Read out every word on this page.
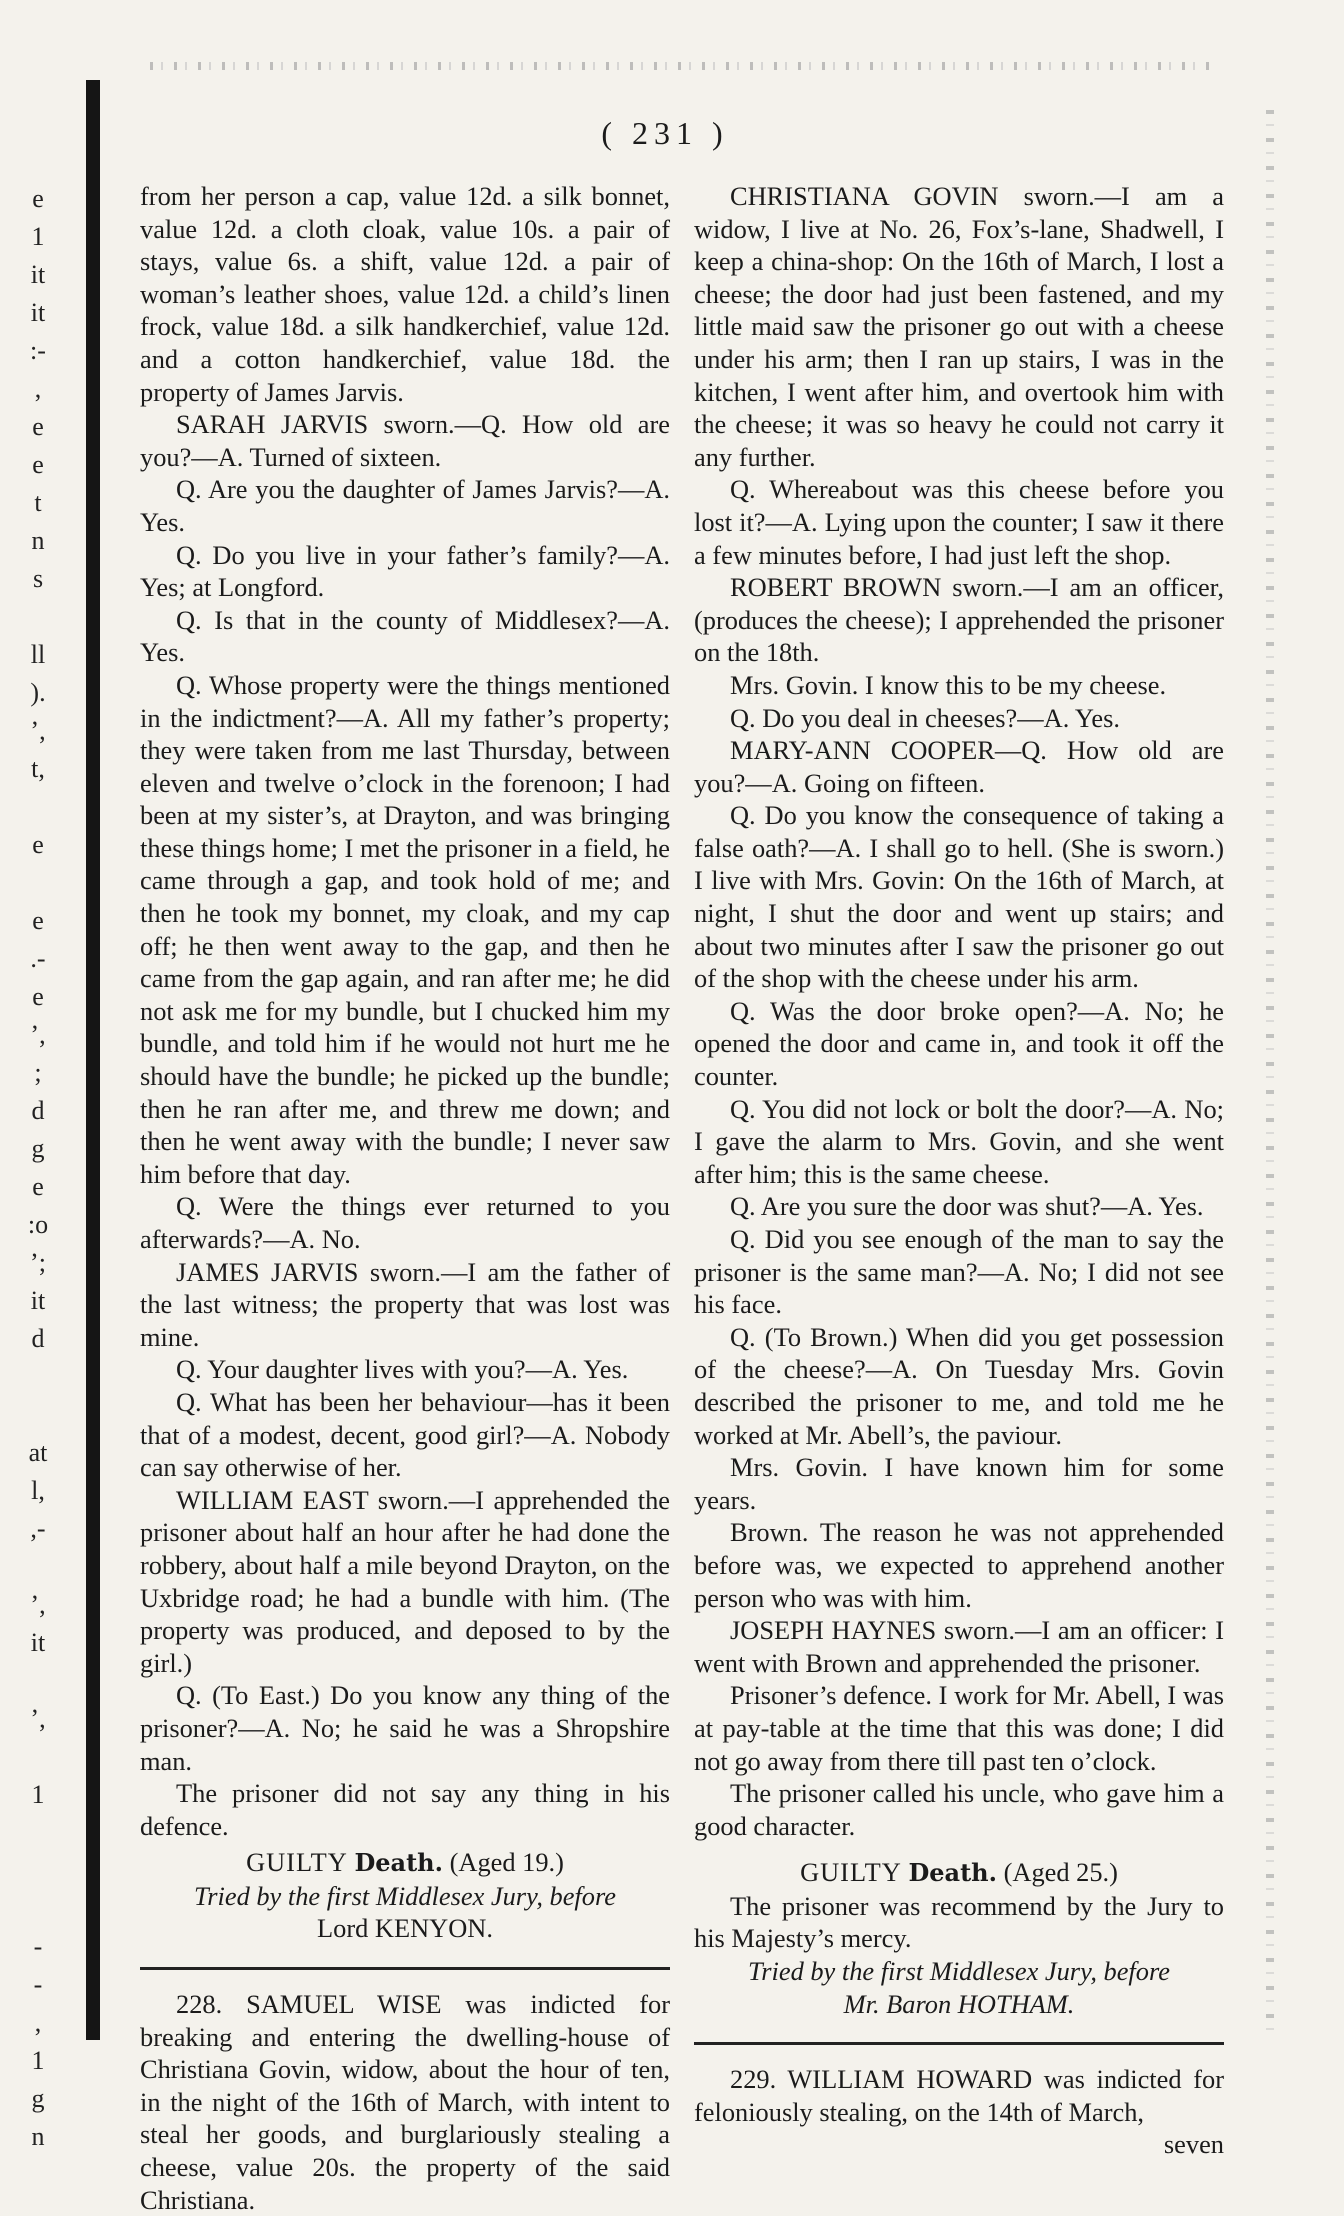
e
1
it
it
:-
,
e
e
t
n
s
ll
).
’,
t,
e
e
.-
e
’,
;
d
g
e
:o
’;
it
d
at
l,
,-
’,
it
’,
1
-
-
,
1
g
n
( 231 )

from her person a cap, value 12d. a silk bonnet, value 12d. a cloth cloak, value 10s. a pair of stays, value 6s. a shift, value 12d. a pair of woman’s leather shoes, value 12d. a child’s linen frock, value 18d. a silk handkerchief, value 12d. and a cotton handkerchief, value 18d. the property of James Jarvis.

SARAH JARVIS sworn.—Q. How old are you?—A. Turned of sixteen.

Q. Are you the daughter of James Jarvis?—A. Yes.

Q. Do you live in your father’s family?—A. Yes; at Longford.

Q. Is that in the county of Middlesex?—A. Yes.

Q. Whose property were the things mentioned in the indictment?—A. All my father’s property; they were taken from me last Thursday, between eleven and twelve o’clock in the forenoon; I had been at my sister’s, at Drayton, and was bringing these things home; I met the prisoner in a field, he came through a gap, and took hold of me; and then he took my bonnet, my cloak, and my cap off; he then went away to the gap, and then he came from the gap again, and ran after me; he did not ask me for my bundle, but I chucked him my bundle, and told him if he would not hurt me he should have the bundle; he picked up the bundle; then he ran after me, and threw me down; and then he went away with the bundle; I never saw him before that day.

Q. Were the things ever returned to you afterwards?—A. No.

JAMES JARVIS sworn.—I am the father of the last witness; the property that was lost was mine.

Q. Your daughter lives with you?—A. Yes.

Q. What has been her behaviour—has it been that of a modest, decent, good girl?—A. Nobody can say otherwise of her.

WILLIAM EAST sworn.—I apprehended the prisoner about half an hour after he had done the robbery, about half a mile beyond Drayton, on the Uxbridge road; he had a bundle with him. (The property was produced, and deposed to by the girl.)

Q. (To East.) Do you know any thing of the prisoner?—A. No; he said he was a Shropshire man.

The prisoner did not say any thing in his defence.

GUILTY Death. (Aged 19.)

Tried by the first Middlesex Jury, before

Lord KENYON.

228. SAMUEL WISE was indicted for breaking and entering the dwelling-house of Christiana Govin, widow, about the hour of ten, in the night of the 16th of March, with intent to steal her goods, and burglariously stealing a cheese, value 20s. the property of the said Christiana.

CHRISTIANA GOVIN sworn.—I am a widow, I live at No. 26, Fox’s-lane, Shadwell, I keep a china-shop: On the 16th of March, I lost a cheese; the door had just been fastened, and my little maid saw the prisoner go out with a cheese under his arm; then I ran up stairs, I was in the kitchen, I went after him, and overtook him with the cheese; it was so heavy he could not carry it any further.

Q. Whereabout was this cheese before you lost it?—A. Lying upon the counter; I saw it there a few minutes before, I had just left the shop.

ROBERT BROWN sworn.—I am an officer, (produces the cheese); I apprehended the prisoner on the 18th.

Mrs. Govin. I know this to be my cheese.

Q. Do you deal in cheeses?—A. Yes.

MARY-ANN COOPER—Q. How old are you?—A. Going on fifteen.

Q. Do you know the consequence of taking a false oath?—A. I shall go to hell. (She is sworn.) I live with Mrs. Govin: On the 16th of March, at night, I shut the door and went up stairs; and about two minutes after I saw the prisoner go out of the shop with the cheese under his arm.

Q. Was the door broke open?—A. No; he opened the door and came in, and took it off the counter.

Q. You did not lock or bolt the door?—A. No; I gave the alarm to Mrs. Govin, and she went after him; this is the same cheese.

Q. Are you sure the door was shut?—A. Yes.

Q. Did you see enough of the man to say the prisoner is the same man?—A. No; I did not see his face.

Q. (To Brown.) When did you get possession of the cheese?—A. On Tuesday Mrs. Govin described the prisoner to me, and told me he worked at Mr. Abell’s, the paviour.

Mrs. Govin. I have known him for some years.

Brown. The reason he was not apprehended before was, we expected to apprehend another person who was with him.

JOSEPH HAYNES sworn.—I am an officer: I went with Brown and apprehended the prisoner.

Prisoner’s defence. I work for Mr. Abell, I was at pay-table at the time that this was done; I did not go away from there till past ten o’clock.

The prisoner called his uncle, who gave him a good character.

GUILTY Death. (Aged 25.)

The prisoner was recommend by the Jury to his Majesty’s mercy.

Tried by the first Middlesex Jury, before

Mr. Baron HOTHAM.

229. WILLIAM HOWARD was indicted for feloniously stealing, on the 14th of March,

seven
